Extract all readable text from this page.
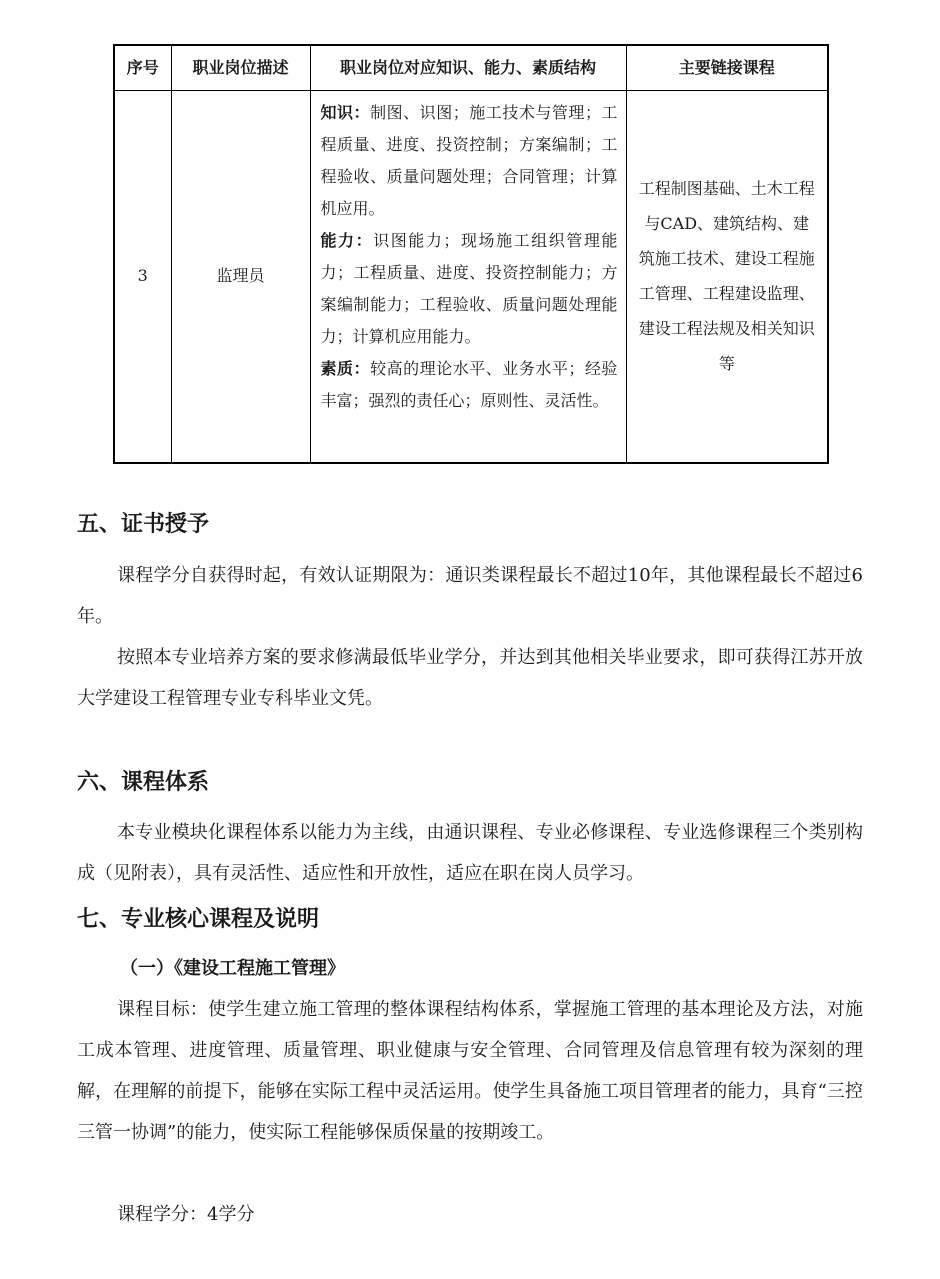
序号	职业岗位描述	职业岗位对应知识、能力、素质结构	主要链接课程
3	监理员	知识：制图、识图；施工技术与管理；工程质量、进度、投资控制；方案编制；工程验收、质量问题处理；合同管理；计算机应用。
能力：识图能力；现场施工组织管理能力；工程质量、进度、投资控制能力；方案编制能力；工程验收、质量问题处理能力；计算机应用能力。
素质：较高的理论水平、业务水平；经验丰富；强烈的责任心；原则性、灵活性。	工程制图基础、土木工程与CAD、建筑结构、建筑施工技术、建设工程施工管理、工程建设监理、建设工程法规及相关知识等
五、证书授予

课程学分自获得时起，有效认证期限为：通识类课程最长不超过10年，其他课程最长不超过6年。

按照本专业培养方案的要求修满最低毕业学分，并达到其他相关毕业要求，即可获得江苏开放大学建设工程管理专业专科毕业文凭。

六、课程体系

本专业模块化课程体系以能力为主线，由通识课程、专业必修课程、专业选修课程三个类别构成（见附表），具有灵活性、适应性和开放性，适应在职在岗人员学习。

七、专业核心课程及说明
（一）《建设工程施工管理》

课程目标：使学生建立施工管理的整体课程结构体系，掌握施工管理的基本理论及方法，对施工成本管理、进度管理、质量管理、职业健康与安全管理、合同管理及信息管理有较为深刻的理解，在理解的前提下，能够在实际工程中灵活运用。使学生具备施工项目管理者的能力，具育“三控三管一协调”的能力，使实际工程能够保质保量的按期竣工。

课程学分：4学分
